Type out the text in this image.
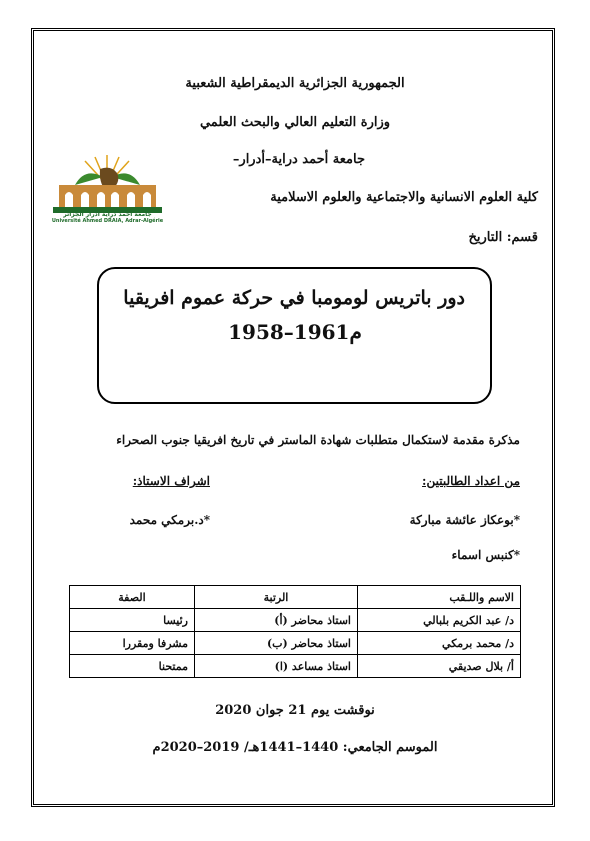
الجمهورية الجزائرية الديمقراطية الشعبية
وزارة التعليم العالي والبحث العلمي
جامعة أحمد دراية–أدرار–
كلية العلوم الانسانية والاجتماعية والعلوم الاسلامية
قسم: التاريخ
جامعة أحمد دراية أدرار الجزائر
Université Ahmed DRAIA, Adrar-Algérie
دور باتريس لومومبا في حركة عموم افريقيا
1958–1961م
مذكرة مقدمة لاستكمال متطلبات شهادة الماستر في تاريخ افريقيا جنوب الصحراء
من اعداد الطالبتين:
اشراف الاستاذ:
*بوعكاز عائشة مباركة
*د.برمكي محمد
*كنبس اسماء
الاسم واللـقب	الرتبة	الصفة
د/ عبد الكريم بلبالي	استاذ محاضر (أ)	رئيسا
د/ محمد برمكي	استاذ محاضر (ب)	مشرفا ومقررا
أ/ بلال صديقي	استاذ مساعد (ا)	ممتحنا
نوقشت يوم 21 جوان 2020
الموسم الجامعي: 1440–1441هـ/ 2019–2020م
